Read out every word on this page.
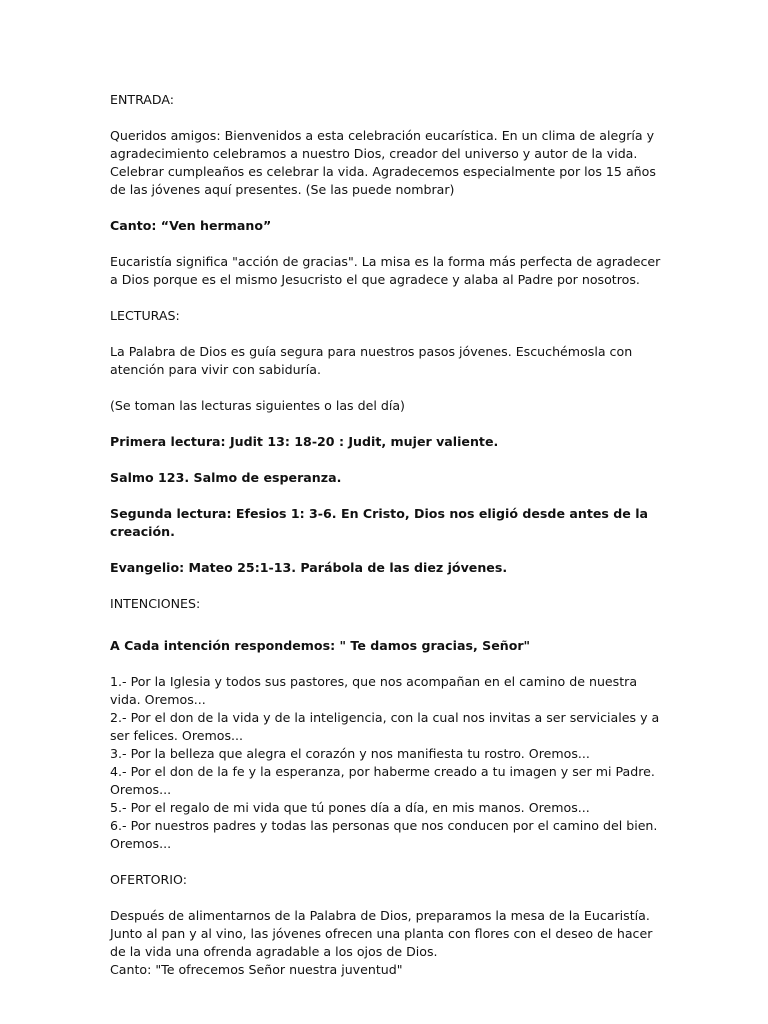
ENTRADA:

Queridos amigos: Bienvenidos a esta celebración eucarística. En un clima de alegría y agradecimiento celebramos a nuestro Dios, creador del universo y autor de la vida. Celebrar cumpleaños es celebrar la vida. Agradecemos especialmente por los 15 años de las jóvenes aquí presentes. (Se las puede nombrar)

Canto: “Ven hermano”

Eucaristía significa "acción de gracias". La misa es la forma más perfecta de agradecer a Dios porque es el mismo Jesucristo el que agradece y alaba al Padre por nosotros.

LECTURAS:

La Palabra de Dios es guía segura para nuestros pasos jóvenes. Escuchémosla con atención para vivir con sabiduría.

(Se toman las lecturas siguientes o las del día)

Primera lectura: Judit 13: 18-20 : Judit, mujer valiente.

Salmo 123. Salmo de esperanza.

Segunda lectura: Efesios 1: 3-6. En Cristo, Dios nos eligió desde antes de la creación.

Evangelio: Mateo 25:1-13. Parábola de las diez jóvenes.

INTENCIONES:

A Cada intención respondemos: " Te damos gracias, Señor"

1.- Por la Iglesia y todos sus pastores, que nos acompañan en el camino de nuestra vida. Oremos...

2.- Por el don de la vida y de la inteligencia, con la cual nos invitas a ser serviciales y a ser felices. Oremos...

3.- Por la belleza que alegra el corazón y nos manifiesta tu rostro. Oremos...

4.- Por el don de la fe y la esperanza, por haberme creado a tu imagen y ser mi Padre. Oremos...

5.- Por el regalo de mi vida que tú pones día a día, en mis manos. Oremos...

6.- Por nuestros padres y todas las personas que nos conducen por el camino del bien. Oremos...

OFERTORIO:

Después de alimentarnos de la Palabra de Dios, preparamos la mesa de la Eucaristía. Junto al pan y al vino, las jóvenes ofrecen una planta con flores con el deseo de hacer de la vida una ofrenda agradable a los ojos de Dios.

Canto: "Te ofrecemos Señor nuestra juventud"
